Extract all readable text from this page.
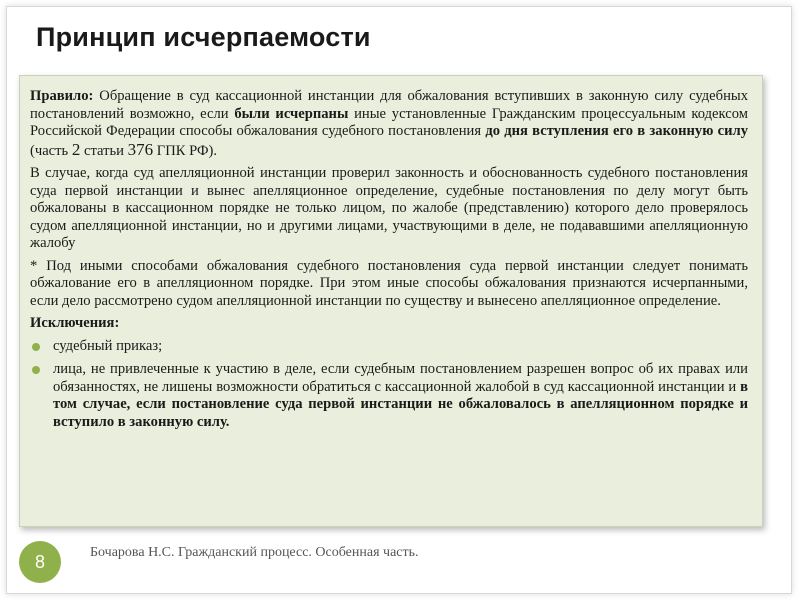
Принцип исчерпаемости

Правило: Обращение в суд кассационной инстанции для обжалования вступивших в законную силу судебных постановлений возможно, если были исчерпаны иные установленные Гражданским процессуальным кодексом Российской Федерации способы обжалования судебного постановления до дня вступления его в законную силу (часть 2 статьи 376 ГПК РФ).

В случае, когда суд апелляционной инстанции проверил законность и обоснованность судебного постановления суда первой инстанции и вынес апелляционное определение, судебные постановления по делу могут быть обжалованы в кассационном порядке не только лицом, по жалобе (представлению) которого дело проверялось судом апелляционной инстанции, но и другими лицами, участвующими в деле, не подававшими апелляционную жалобу

* Под иными способами обжалования судебного постановления суда первой инстанции следует понимать обжалование его в апелляционном порядке. При этом иные способы обжалования признаются исчерпанными, если дело рассмотрено судом апелляционной инстанции по существу и вынесено апелляционное определение.

Исключения:
судебный приказ;
лица, не привлеченные к участию в деле, если судебным постановлением разрешен вопрос об их правах или обязанностях, не лишены возможности обратиться с кассационной жалобой в суд кассационной инстанции и в том случае, если постановление суда первой инстанции не обжаловалось в апелляционном порядке и вступило в законную силу.
8	Бочарова Н.С. Гражданский процесс. Особенная часть.
